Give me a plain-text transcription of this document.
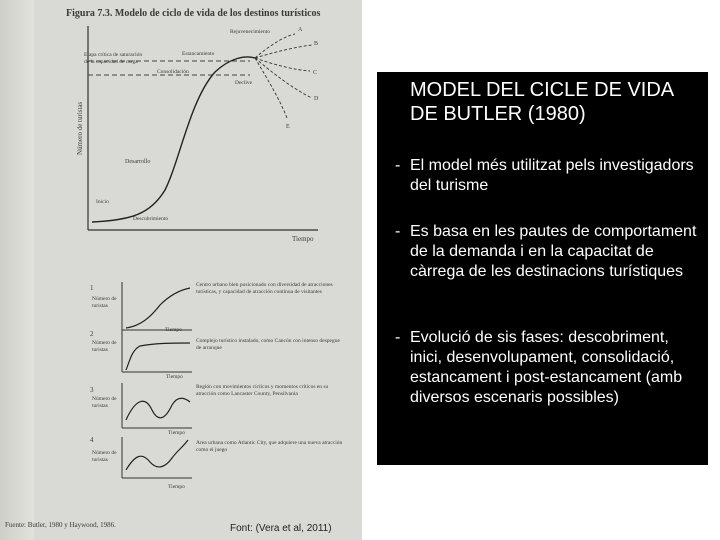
Figura 7.3. Modelo de ciclo de vida de los destinos turísticos
Número de turistas
Tiempo
A
B
C
D
E
Rejuvenecimiento
Estancamiento
Consolidación
Declive
Desarrollo
Inicio
Descubrimiento
Etapa crítica de saturación de la capacidad de carga
1
Número de turistas
Centro urbano bien posicionado con diversidad de atracciones turísticas, y capacidad de atracción continua de visitantes
2	Tiempo
Número de turistas
Complejo turístico instalado, como Cancún con intenso despegue de arranque
3
Tiempo
Número de turistas
Región con movimientos cíclicos y momentos críticos en su atracción como Lancaster County, Pensilvania
4
Tiempo
Tiempo
Número de turistas
Área urbana como Atlantic City, que adquiere una nueva atracción como el juego
Fuente: Butler, 1980 y Haywood, 1986.	Font: (Vera et al, 2011)
MODEL DEL CICLE DE VIDA DE BUTLER (1980)
- El model més utilitzat pels investigadors del turisme
- Es basa en les pautes de comportament de la demanda i en la capacitat de càrrega de les destinacions turístiques
- Evolució de sis fases: descobriment, inici, desenvolupament, consolidació, estancament i post-estancament (amb diversos escenaris possibles)
